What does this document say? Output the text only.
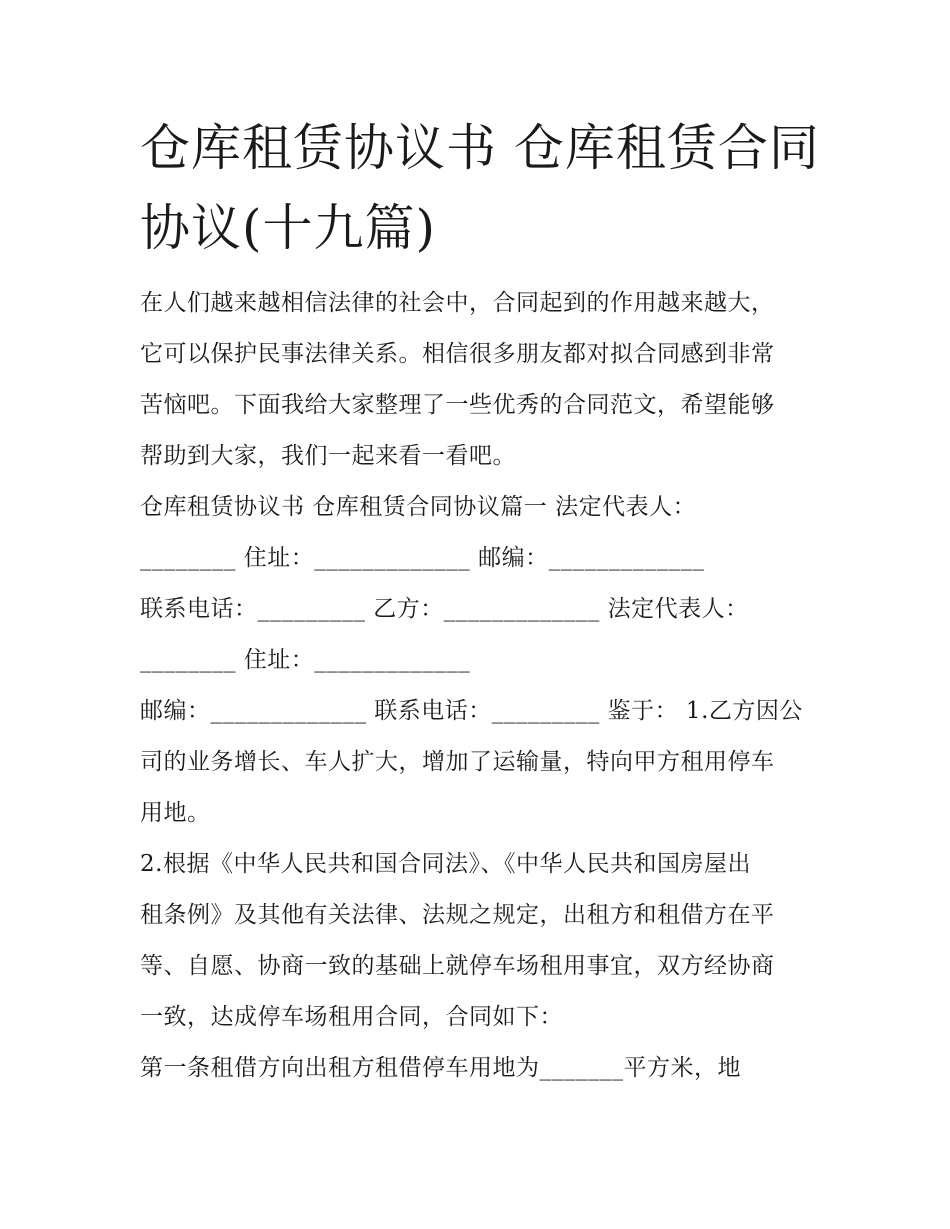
仓库租赁协议书 仓库租赁合同
协议(十九篇)

在人们越来越相信法律的社会中，合同起到的作用越来越大，
它可以保护民事法律关系。相信很多朋友都对拟合同感到非常
苦恼吧。下面我给大家整理了一些优秀的合同范文，希望能够
帮助到大家，我们一起来看一看吧。

仓库租赁协议书 仓库租赁合同协议篇一 法定代表人：
________ 住址：_____________ 邮编：_____________
联系电话：_________ 乙方：_____________ 法定代表人：
________ 住址：_____________

邮编：_____________ 联系电话：_________ 鉴于： 1.乙方因公
司的业务增长、车人扩大，增加了运输量，特向甲方租用停车
用地。

2.根据《中华人民共和国合同法》、《中华人民共和国房屋出
租条例》及其他有关法律、法规之规定，出租方和租借方在平
等、自愿、协商一致的基础上就停车场租用事宜，双方经协商
一致，达成停车场租用合同，合同如下：

第一条租借方向出租方租借停车用地为_______平方米，地
